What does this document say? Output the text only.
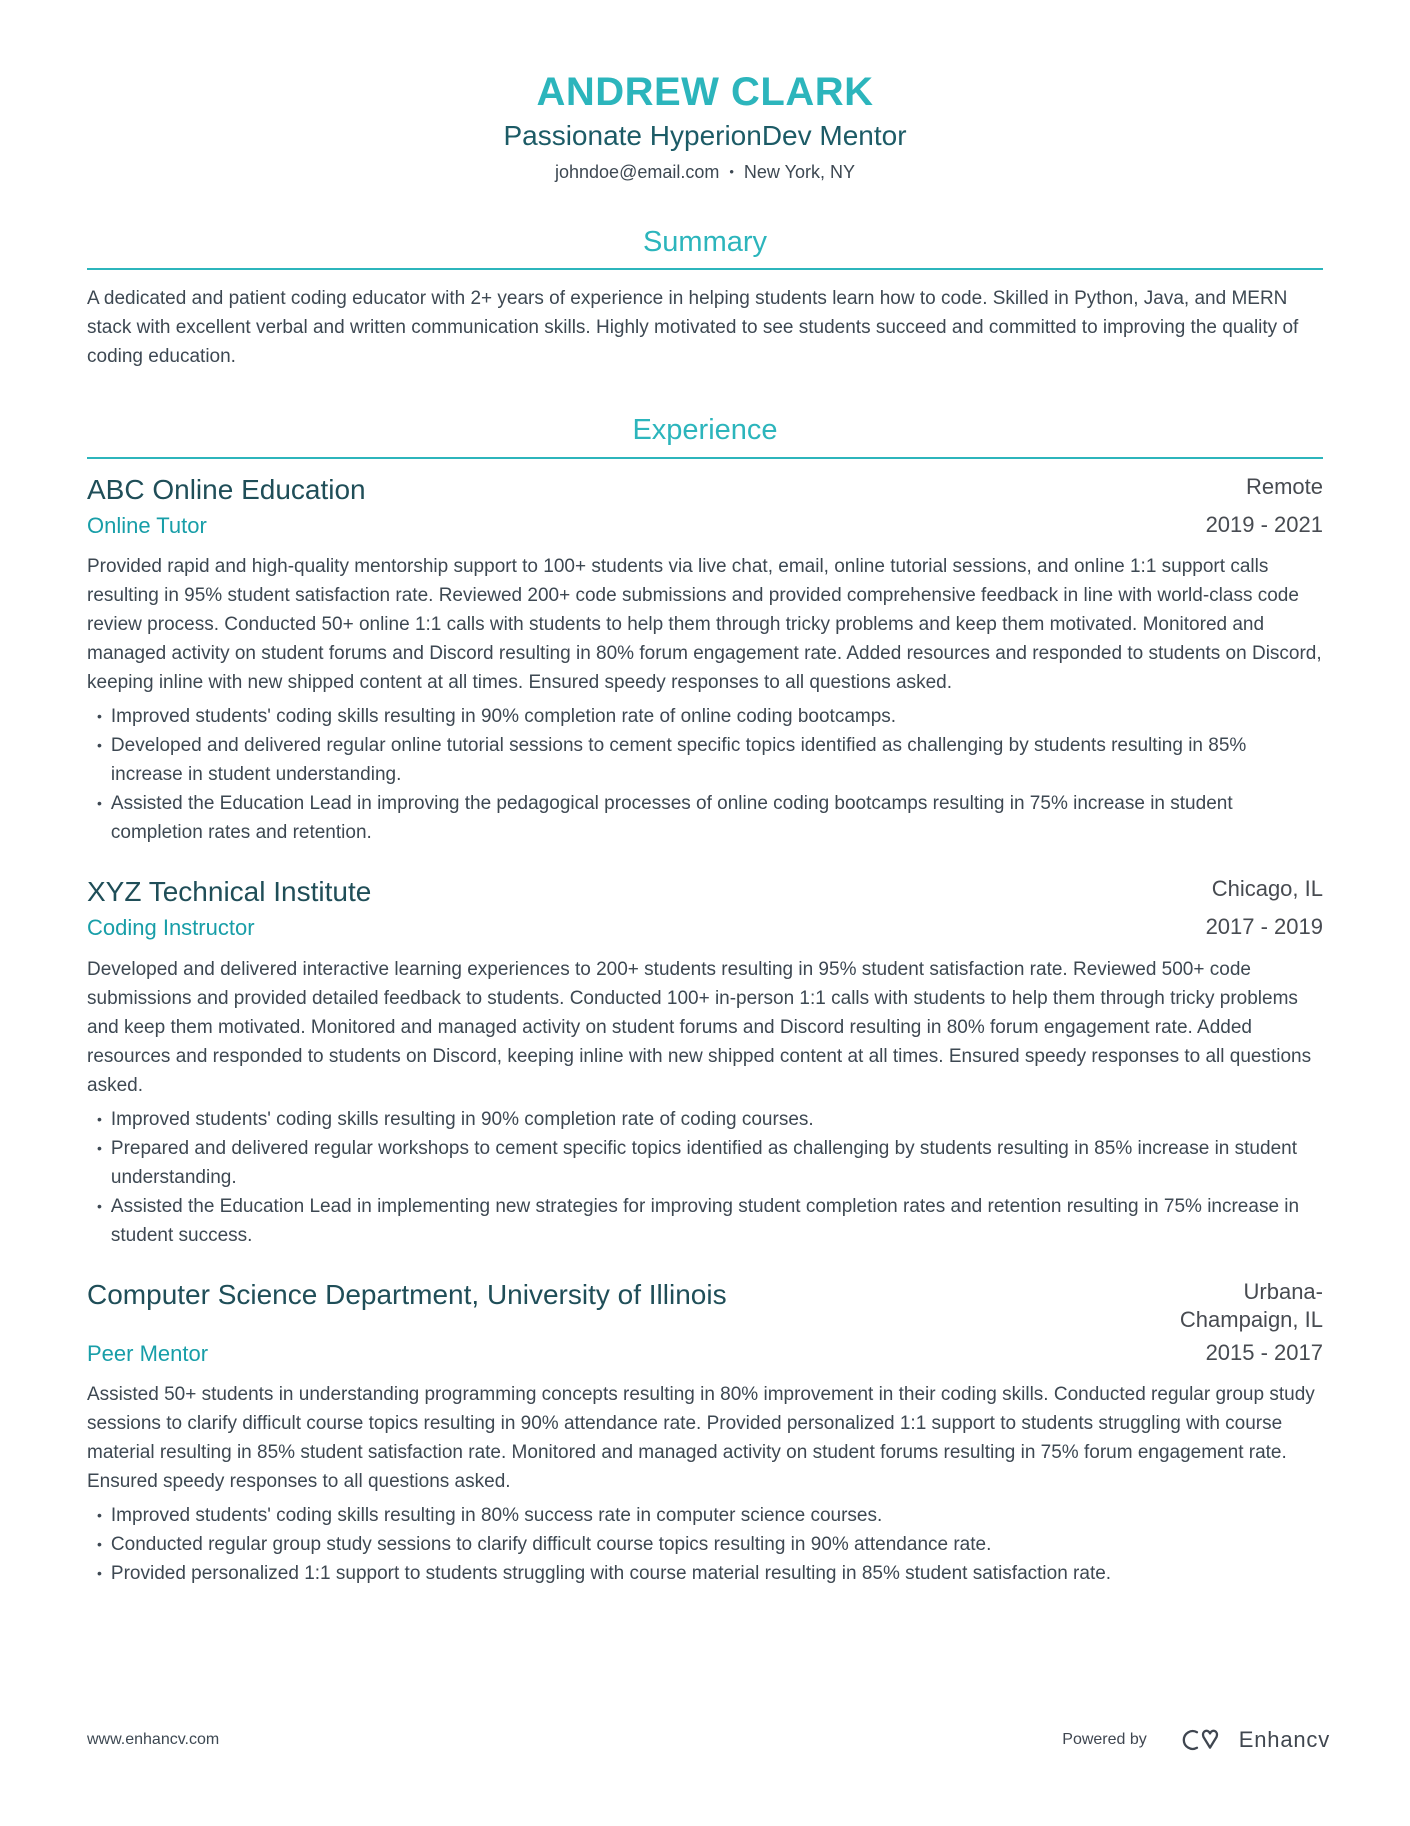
ANDREW CLARK
Passionate HyperionDev Mentor
johndoe@email.com • New York, NY
Summary

A dedicated and patient coding educator with 2+ years of experience in helping students learn how to code. Skilled in Python, Java, and MERN stack with excellent verbal and written communication skills. Highly motivated to see students succeed and committed to improving the quality of coding education.

Experience
ABC Online Education	Remote
Online Tutor	2019 - 2021

Provided rapid and high-quality mentorship support to 100+ students via live chat, email, online tutorial sessions, and online 1:1 support calls resulting in 95% student satisfaction rate. Reviewed 200+ code submissions and provided comprehensive feedback in line with world-class code review process. Conducted 50+ online 1:1 calls with students to help them through tricky problems and keep them motivated. Monitored and managed activity on student forums and Discord resulting in 80% forum engagement rate. Added resources and responded to students on Discord, keeping inline with new shipped content at all times. Ensured speedy responses to all questions asked.

• Improved students' coding skills resulting in 90% completion rate of online coding bootcamps.
• Developed and delivered regular online tutorial sessions to cement specific topics identified as challenging by students resulting in 85% increase in student understanding.
• Assisted the Education Lead in improving the pedagogical processes of online coding bootcamps resulting in 75% increase in student completion rates and retention.
XYZ Technical Institute	Chicago, IL
Coding Instructor	2017 - 2019

Developed and delivered interactive learning experiences to 200+ students resulting in 95% student satisfaction rate. Reviewed 500+ code submissions and provided detailed feedback to students. Conducted 100+ in-person 1:1 calls with students to help them through tricky problems and keep them motivated. Monitored and managed activity on student forums and Discord resulting in 80% forum engagement rate. Added resources and responded to students on Discord, keeping inline with new shipped content at all times. Ensured speedy responses to all questions asked.

• Improved students' coding skills resulting in 90% completion rate of coding courses.
• Prepared and delivered regular workshops to cement specific topics identified as challenging by students resulting in 85% increase in student understanding.
• Assisted the Education Lead in implementing new strategies for improving student completion rates and retention resulting in 75% increase in student success.
Computer Science Department, University of Illinois	Urbana-Champaign, IL
Peer Mentor	2015 - 2017

Assisted 50+ students in understanding programming concepts resulting in 80% improvement in their coding skills. Conducted regular group study sessions to clarify difficult course topics resulting in 90% attendance rate. Provided personalized 1:1 support to students struggling with course material resulting in 85% student satisfaction rate. Monitored and managed activity on student forums resulting in 75% forum engagement rate. Ensured speedy responses to all questions asked.

• Improved students' coding skills resulting in 80% success rate in computer science courses.
• Conducted regular group study sessions to clarify difficult course topics resulting in 90% attendance rate.
• Provided personalized 1:1 support to students struggling with course material resulting in 85% student satisfaction rate.
www.enhancv.com	Powered by	Enhancv
